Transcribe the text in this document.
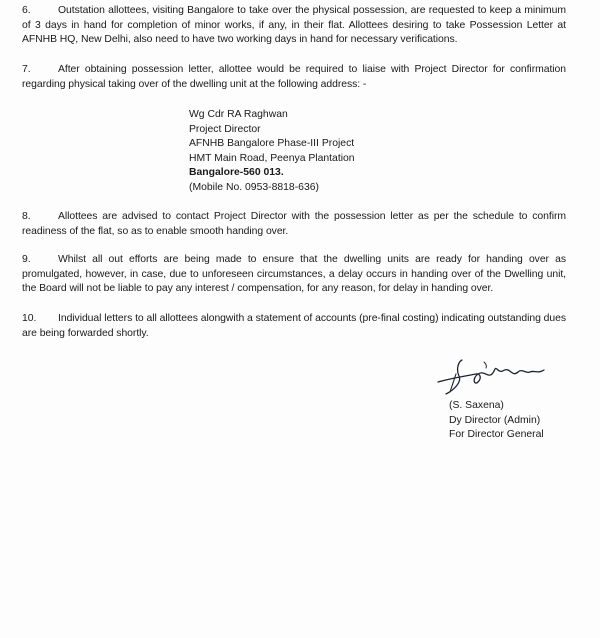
6.	Outstation allottees, visiting Bangalore to take over the physical possession, are requested to keep a minimum of 3 days in hand for completion of minor works, if any, in their flat. Allottees desiring to take Possession Letter at AFNHB HQ, New Delhi, also need to have two working days in hand for necessary verifications.
7.	After obtaining possession letter, allottee would be required to liaise with Project Director for confirmation regarding physical taking over of the dwelling unit at the following address: -
Wg Cdr RA Raghwan
Project Director
AFNHB Bangalore Phase-III Project
HMT Main Road, Peenya Plantation
Bangalore-560 013.
(Mobile No. 0953-8818-636)
8.	Allottees are advised to contact Project Director with the possession letter as per the schedule to confirm readiness of the flat, so as to enable smooth handing over.
9.	Whilst all out efforts are being made to ensure that the dwelling units are ready for handing over as promulgated, however, in case, due to unforeseen circumstances, a delay occurs in handing over of the Dwelling unit, the Board will not be liable to pay any interest / compensation, for any reason, for delay in handing over.
10. Individual letters to all allottees alongwith a statement of accounts (pre-final costing) indicating outstanding dues are being forwarded shortly.
(S. Saxena)
Dy Director (Admin)
For Director General
